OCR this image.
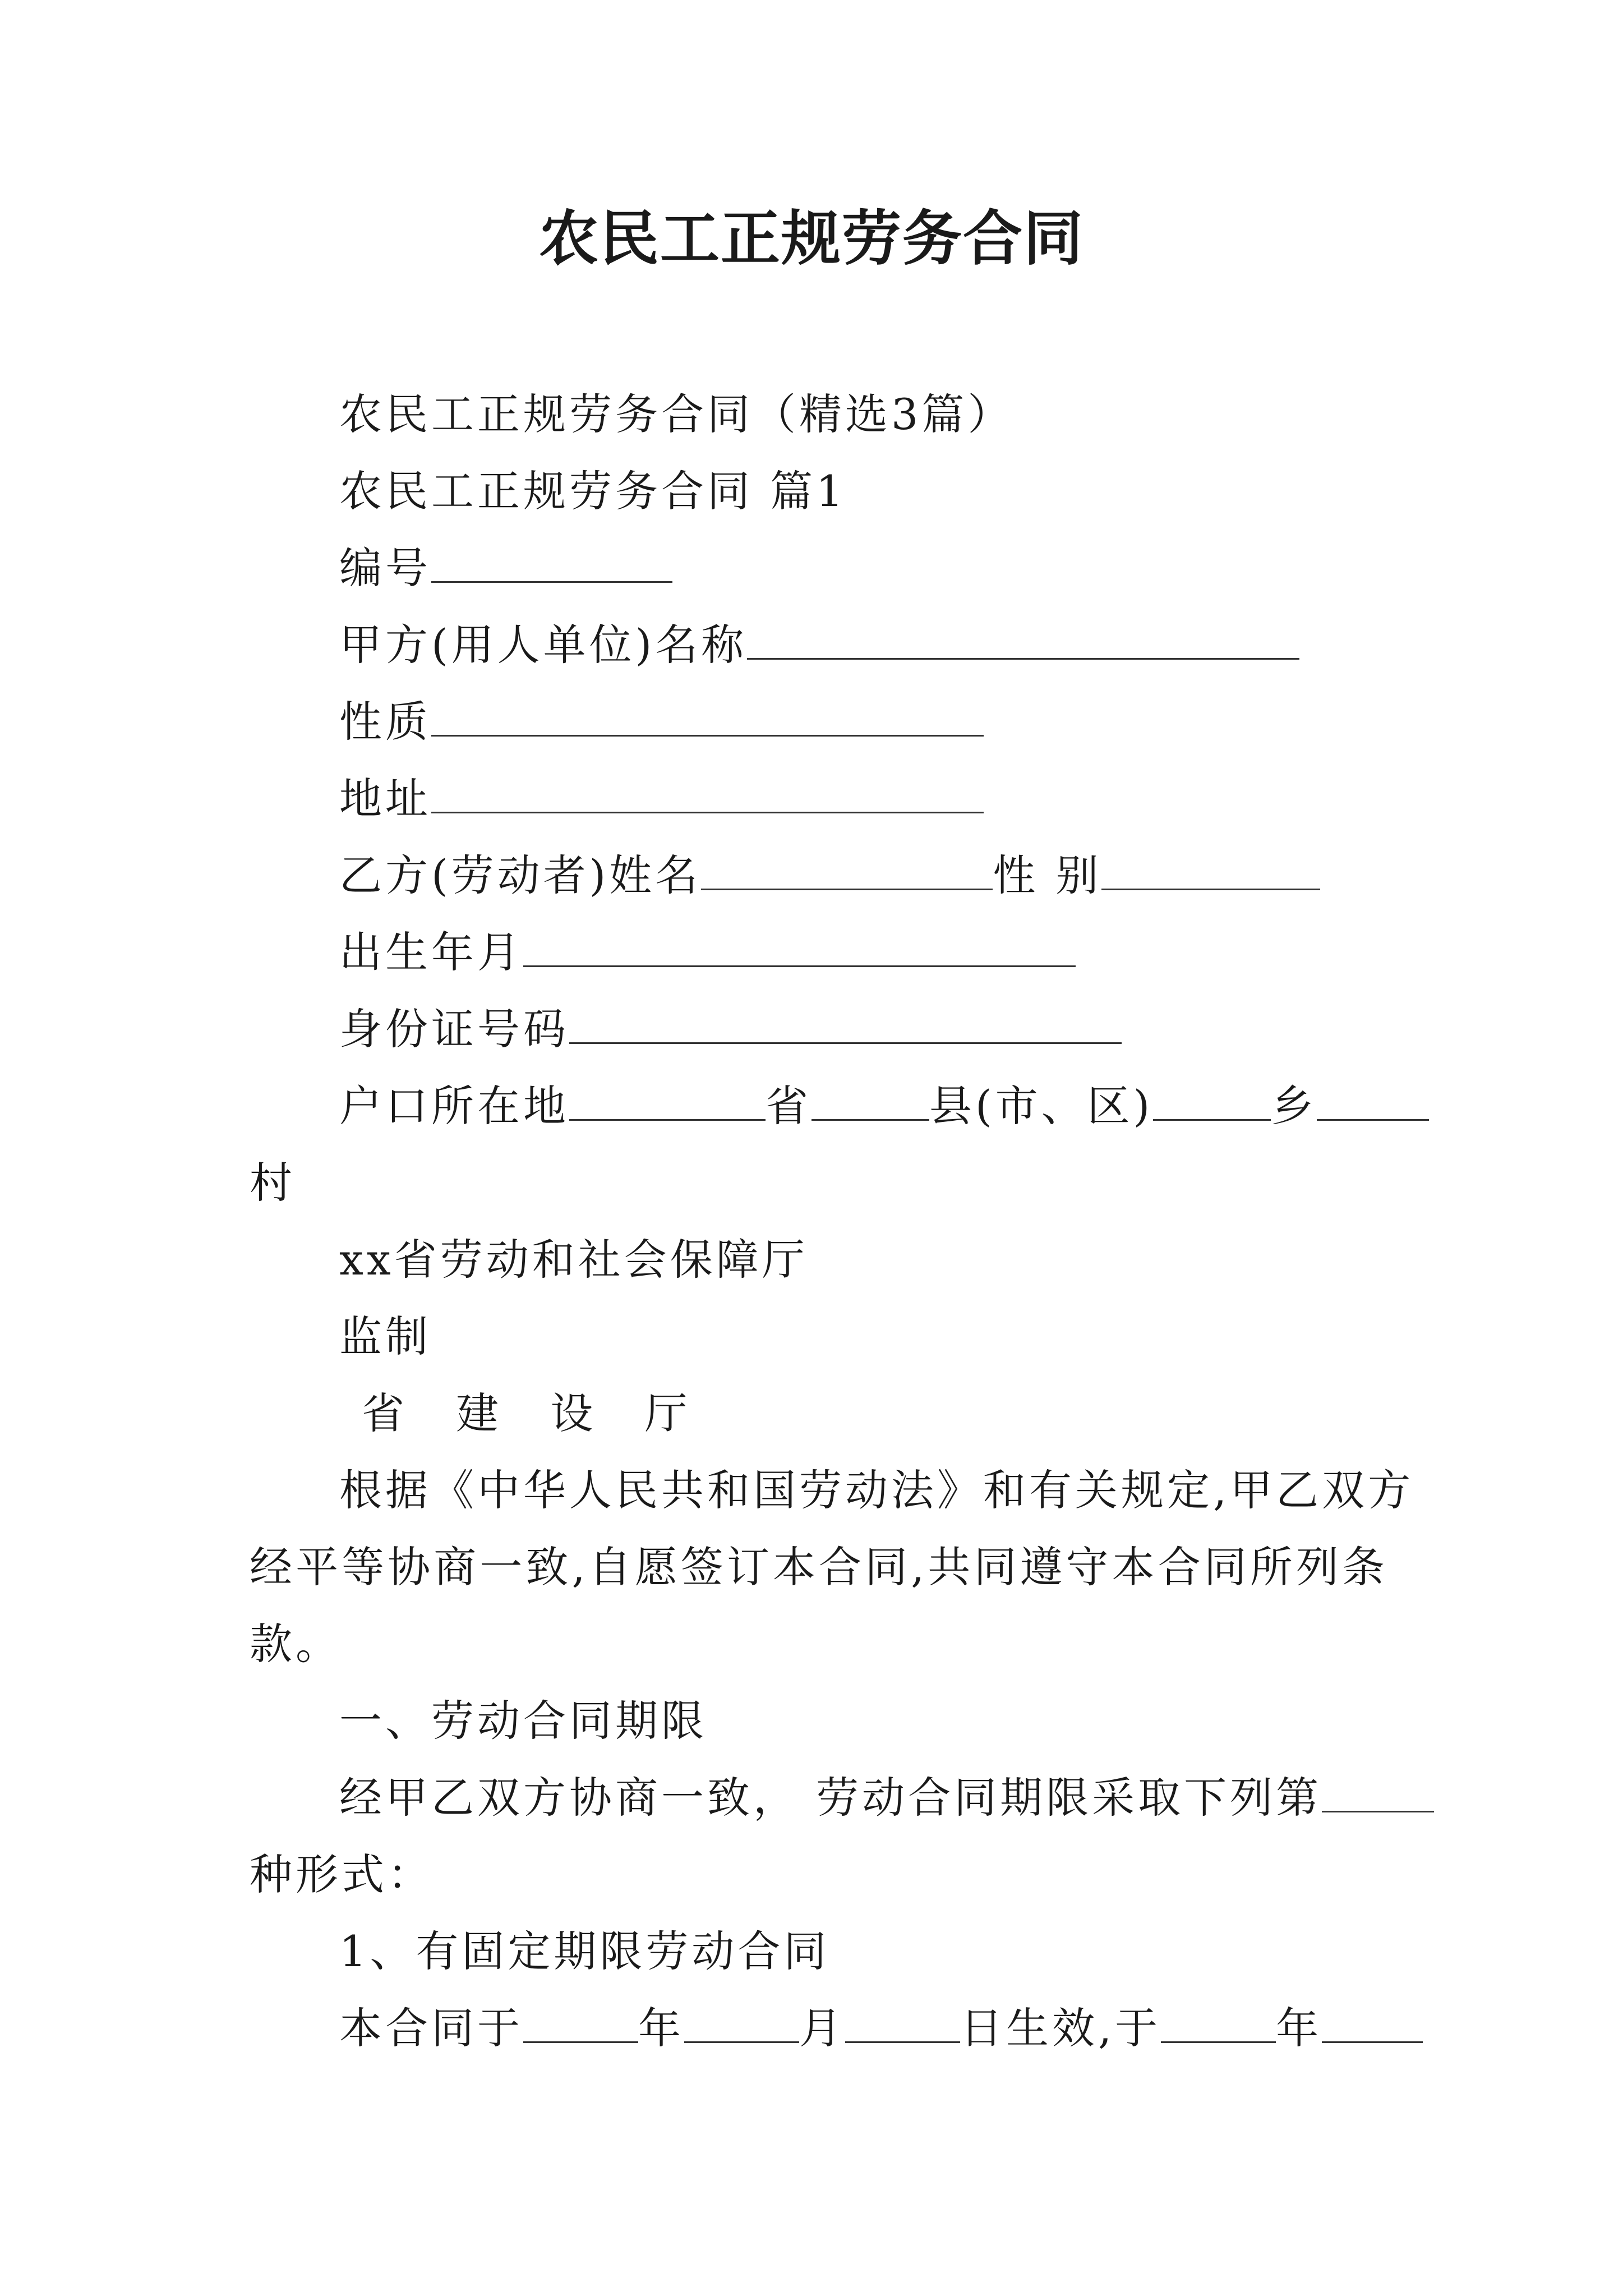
农民工正规劳务合同
农民工正规劳务合同（精选3篇）
农民工正规劳务合同 篇1
编号
甲方(用人单位)名称
性质
地址
乙方(劳动者)姓名	性 别
出生年月
身份证号码
户口所在地	省	县(市、区)	乡
村
xx省劳动和社会保障厅
监制
省 建 设 厅
根据《中华人民共和国劳动法》和有关规定,甲乙双方
经平等协商一致,自愿签订本合同,共同遵守本合同所列条
款。
一、劳动合同期限
经甲乙双方协商一致， 劳动合同期限采取下列第
种形式：
1、有固定期限劳动合同
本合同于	年	月	日生效,于	年
